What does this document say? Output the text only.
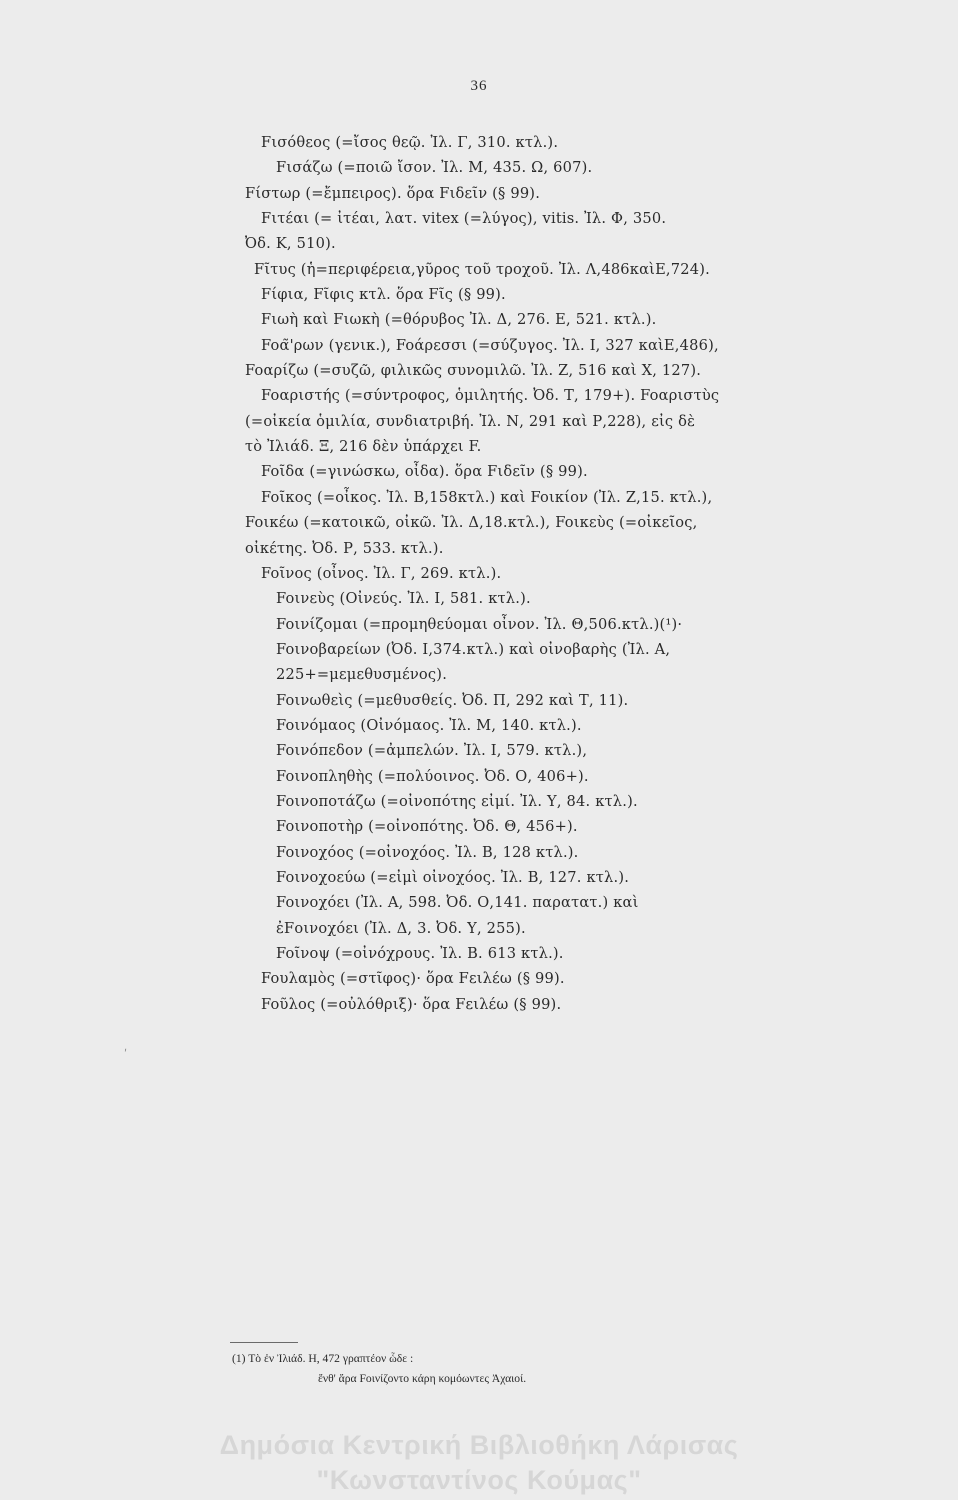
36
Fισόθεος (=ἴσος θεῷ. Ἰλ. Γ, 310. κτλ.).
Fισάζω (=ποιῶ ἴσον. Ἰλ. Μ, 435. Ω, 607).
Fίστωρ (=ἔμπειρος). ὅρα Fιδεῖν (§ 99).
Fιτέαι (= ἰτέαι, λατ. vitex (=λύγος), vitis. Ἰλ. Φ, 350.
Ὀδ. Κ, 510).
Fῖτυς (ἡ=περιφέρεια,γῦρος τοῦ τροχοῦ. Ἰλ. Λ,486καὶΕ,724).
Fίφια, Fῖφις κτλ. ὅρα Fῖς (§ 99).
Fιωὴ καὶ Fιωκὴ (=θόρυβος Ἰλ. Δ, 276. Ε, 521. κτλ.).
Foα̃'ρων (γενικ.), Foάρεσσι (=σύζυγος. Ἰλ. Ι, 327 καὶΕ,486),
Foαρίζω (=συζῶ, φιλικῶς συνομιλῶ. Ἰλ. Ζ, 516 καὶ Χ, 127).
Foαριστής (=σύντροφος, ὁμιλητής. Ὀδ. Τ, 179+). Foαριστὺς
(=οἰκεία ὁμιλία, συνδιατριβή. Ἰλ. Ν, 291 καὶ Ρ,228), εἰς δὲ
τὸ Ἰλιάδ. Ξ, 216 δὲν ὑπάρχει F.
Foῖδα (=γινώσκω, οἶδα). ὅρα Fιδεῖν (§ 99).
Foῖκος (=οἶκος. Ἰλ. Β,158κτλ.) καὶ Foικίον (Ἰλ. Ζ,15. κτλ.),
Foικέω (=κατοικῶ, οἰκῶ. Ἰλ. Δ,18.κτλ.), Foικεὺς (=οἰκεῖος,
οἰκέτης. Ὀδ. Ρ, 533. κτλ.).
Foῖνος (οἶνος. Ἰλ. Γ, 269. κτλ.).
Foινεὺς (Οἰνεύς. Ἰλ. Ι, 581. κτλ.).
Foινίζομαι (=προμηθεύομαι οἶνον. Ἰλ. Θ,506.κτλ.)(¹)·
Foινοβαρείων (Ὀδ. Ι,374.κτλ.) καὶ οἰνοβαρὴς (Ἰλ. Α,
225+=μεμεθυσμένος).
Foινωθεὶς (=μεθυσθείς. Ὀδ. Π, 292 καὶ Τ, 11).
Foινόμαος (Οἰνόμαος. Ἰλ. Μ, 140. κτλ.).
Foινόπεδον (=ἀμπελών. Ἰλ. Ι, 579. κτλ.),
Foινοπληθὴς (=πολύοινος. Ὀδ. Ο, 406+).
Foινοποτάζω (=οἰνοπότης εἰμί. Ἰλ. Υ, 84. κτλ.).
Foινοποτὴρ (=οἰνοπότης. Ὀδ. Θ, 456+).
Foινοχόος (=οἰνοχόος. Ἰλ. Β, 128 κτλ.).
Foινοχοεύω (=εἰμὶ οἰνοχόος. Ἰλ. Β, 127. κτλ.).
Foινοχόει (Ἰλ. Α, 598. Ὀδ. Ο,141. παρατατ.) καὶ
ἐFοινοχόει (Ἰλ. Δ, 3. Ὀδ. Υ, 255).
Foῖνοψ (=οἰνόχρους. Ἰλ. Β. 613 κτλ.).
Foυλαμὸς (=στῖφος)· ὅρα Fειλέω (§ 99).
Foῦλος (=οὐλόθριξ)· ὅρα Fειλέω (§ 99).
ʹ
(1) Τὸ ἐν Ἰλιάδ. Η, 472 γραπτέον ὧδε :
ἔνθ' ἄρα Foινίζοντο κάρη κομόωντες Ἀχαιοί.
Δημόσια Κεντρική Βιβλιοθήκη Λάρισας
"Κωνσταντίνος Κούμας"
